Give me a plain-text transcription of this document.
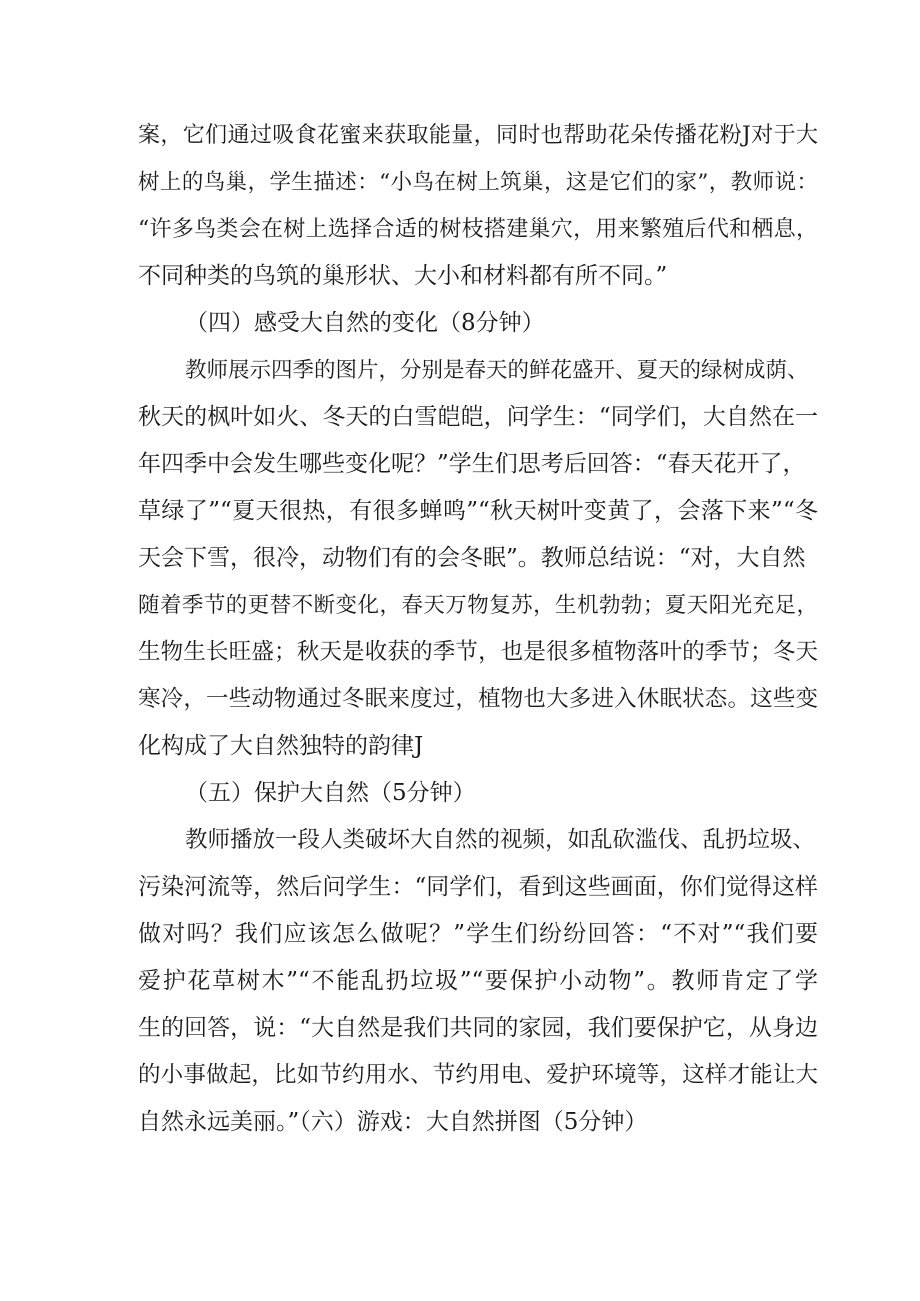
案，它们通过吸食花蜜来获取能量，同时也帮助花朵传播花粉J对于大
树上的鸟巢，学生描述：“小鸟在树上筑巢，这是它们的家”，教师说：
“许多鸟类会在树上选择合适的树枝搭建巢穴，用来繁殖后代和栖息，
不同种类的鸟筑的巢形状、大小和材料都有所不同。”
（四）感受大自然的变化（8分钟）
教师展示四季的图片，分别是春天的鲜花盛开、夏天的绿树成荫、
秋天的枫叶如火、冬天的白雪皑皑，问学生：“同学们，大自然在一
年四季中会发生哪些变化呢？”学生们思考后回答：“春天花开了，
草绿了”“夏天很热，有很多蝉鸣”“秋天树叶变黄了，会落下来”“冬
天会下雪，很冷，动物们有的会冬眠”。教师总结说：“对，大自然
随着季节的更替不断变化，春天万物复苏，生机勃勃；夏天阳光充足，
生物生长旺盛；秋天是收获的季节，也是很多植物落叶的季节；冬天
寒冷，一些动物通过冬眠来度过，植物也大多进入休眠状态。这些变
化构成了大自然独特的韵律J
（五）保护大自然（5分钟）
教师播放一段人类破坏大自然的视频，如乱砍滥伐、乱扔垃圾、
污染河流等，然后问学生：“同学们，看到这些画面，你们觉得这样
做对吗？我们应该怎么做呢？”学生们纷纷回答：“不对”“我们要
爱护花草树木”“不能乱扔垃圾”“要保护小动物”。教师肯定了学
生的回答，说：“大自然是我们共同的家园，我们要保护它，从身边
的小事做起，比如节约用水、节约用电、爱护环境等，这样才能让大
自然永远美丽。”（六）游戏：大自然拼图（5分钟）
